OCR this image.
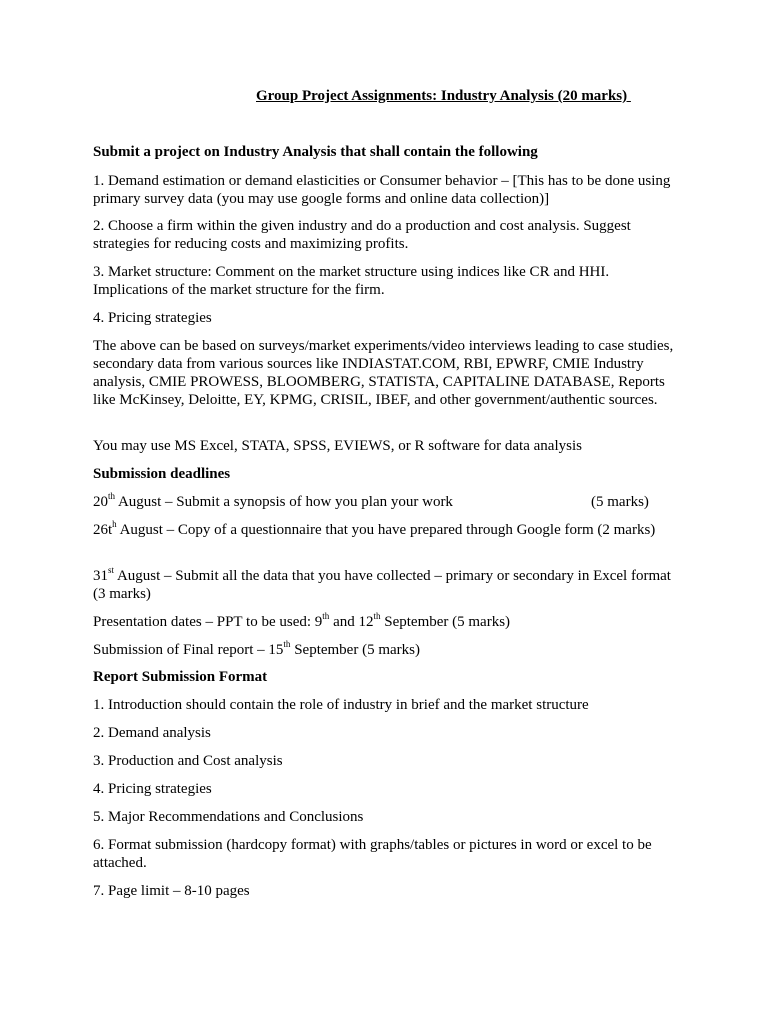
Group Project Assignments: Industry Analysis (20 marks)
Submit a project on Industry Analysis that shall contain the following
1. Demand estimation or demand elasticities or Consumer behavior – [This has to be done using primary survey data (you may use google forms and online data collection)]
2. Choose a firm within the given industry and do a production and cost analysis. Suggest strategies for reducing costs and maximizing profits.
3. Market structure: Comment on the market structure using indices like CR and HHI. Implications of the market structure for the firm.
4. Pricing strategies
The above can be based on surveys/market experiments/video interviews leading to case studies, secondary data from various sources like INDIASTAT.COM, RBI, EPWRF, CMIE Industry analysis, CMIE PROWESS, BLOOMBERG, STATISTA, CAPITALINE DATABASE, Reports like McKinsey, Deloitte, EY, KPMG, CRISIL, IBEF, and other government/authentic sources.
You may use MS Excel, STATA, SPSS, EVIEWS, or R software for data analysis
Submission deadlines
20th August – Submit a synopsis of how you plan your work	(5 marks)
$26t^h$ August – Copy of a questionnaire that you have prepared through Google form (2 marks)
31st August – Submit all the data that you have collected – primary or secondary in Excel format (3 marks)
Presentation dates – PPT to be used: 9th and 12th September (5 marks)
Submission of Final report – 15th September (5 marks)
Report Submission Format
1. Introduction should contain the role of industry in brief and the market structure
2. Demand analysis
3. Production and Cost analysis
4. Pricing strategies
5. Major Recommendations and Conclusions
6. Format submission (hardcopy format) with graphs/tables or pictures in word or excel to be attached.
7. Page limit – 8-10 pages
